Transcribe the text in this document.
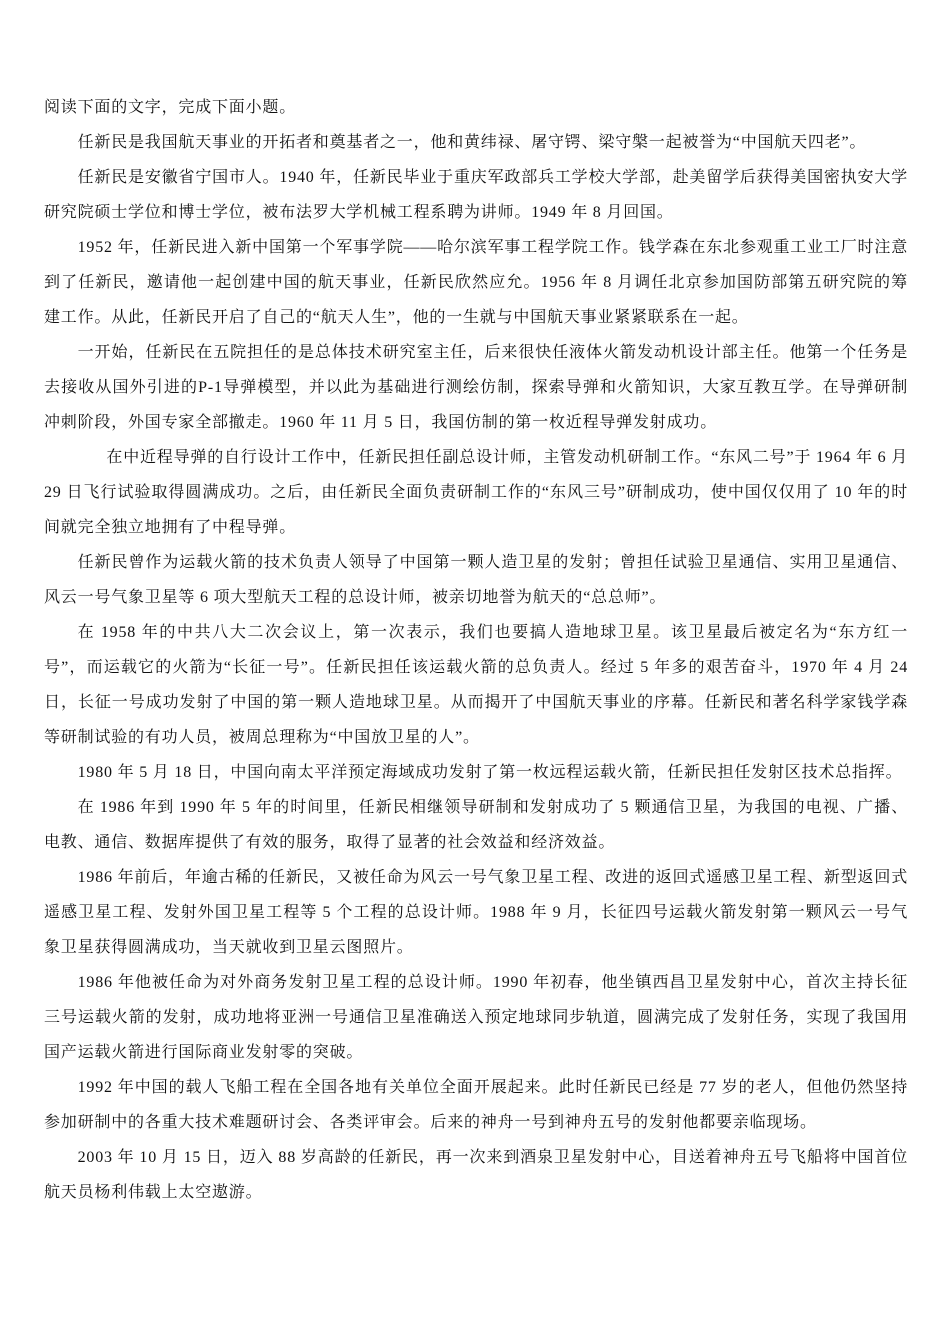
阅读下面的文字，完成下面小题。

任新民是我国航天事业的开拓者和奠基者之一，他和黄纬禄、屠守锷、梁守槃一起被誉为“中国航天四老”。

任新民是安徽省宁国市人。1940 年，任新民毕业于重庆军政部兵工学校大学部，赴美留学后获得美国密执安大学研究院硕士学位和博士学位，被布法罗大学机械工程系聘为讲师。1949 年 8 月回国。

1952 年，任新民进入新中国第一个军事学院——哈尔滨军事工程学院工作。钱学森在东北参观重工业工厂时注意到了任新民，邀请他一起创建中国的航天事业，任新民欣然应允。1956 年 8 月调任北京参加国防部第五研究院的筹建工作。从此，任新民开启了自己的“航天人生”，他的一生就与中国航天事业紧紧联系在一起。

一开始，任新民在五院担任的是总体技术研究室主任，后来很快任液体火箭发动机设计部主任。他第一个任务是去接收从国外引进的P-1导弹模型，并以此为基础进行测绘仿制，探索导弹和火箭知识，大家互教互学。在导弹研制冲刺阶段，外国专家全部撤走。1960 年 11 月 5 日，我国仿制的第一枚近程导弹发射成功。

在中近程导弹的自行设计工作中，任新民担任副总设计师，主管发动机研制工作。“东风二号”于 1964 年 6 月 29 日飞行试验取得圆满成功。之后，由任新民全面负责研制工作的“东风三号”研制成功，使中国仅仅用了 10 年的时间就完全独立地拥有了中程导弹。

任新民曾作为运载火箭的技术负责人领导了中国第一颗人造卫星的发射；曾担任试验卫星通信、实用卫星通信、风云一号气象卫星等 6 项大型航天工程的总设计师，被亲切地誉为航天的“总总师”。

在 1958 年的中共八大二次会议上，第一次表示，我们也要搞人造地球卫星。该卫星最后被定名为“东方红一号”，而运载它的火箭为“长征一号”。任新民担任该运载火箭的总负责人。经过 5 年多的艰苦奋斗，1970 年 4 月 24 日，长征一号成功发射了中国的第一颗人造地球卫星。从而揭开了中国航天事业的序幕。任新民和著名科学家钱学森等研制试验的有功人员，被周总理称为“中国放卫星的人”。

1980 年 5 月 18 日，中国向南太平洋预定海域成功发射了第一枚远程运载火箭，任新民担任发射区技术总指挥。

在 1986 年到 1990 年 5 年的时间里，任新民相继领导研制和发射成功了 5 颗通信卫星，为我国的电视、广播、电教、通信、数据库提供了有效的服务，取得了显著的社会效益和经济效益。

1986 年前后，年逾古稀的任新民，又被任命为风云一号气象卫星工程、改进的返回式遥感卫星工程、新型返回式遥感卫星工程、发射外国卫星工程等 5 个工程的总设计师。1988 年 9 月，长征四号运载火箭发射第一颗风云一号气象卫星获得圆满成功，当天就收到卫星云图照片。

1986 年他被任命为对外商务发射卫星工程的总设计师。1990 年初春，他坐镇西昌卫星发射中心，首次主持长征三号运载火箭的发射，成功地将亚洲一号通信卫星准确送入预定地球同步轨道，圆满完成了发射任务，实现了我国用国产运载火箭进行国际商业发射零的突破。

1992 年中国的载人飞船工程在全国各地有关单位全面开展起来。此时任新民已经是 77 岁的老人，但他仍然坚持参加研制中的各重大技术难题研讨会、各类评审会。后来的神舟一号到神舟五号的发射他都要亲临现场。

2003 年 10 月 15 日，迈入 88 岁高龄的任新民，再一次来到酒泉卫星发射中心，目送着神舟五号飞船将中国首位航天员杨利伟载上太空遨游。
